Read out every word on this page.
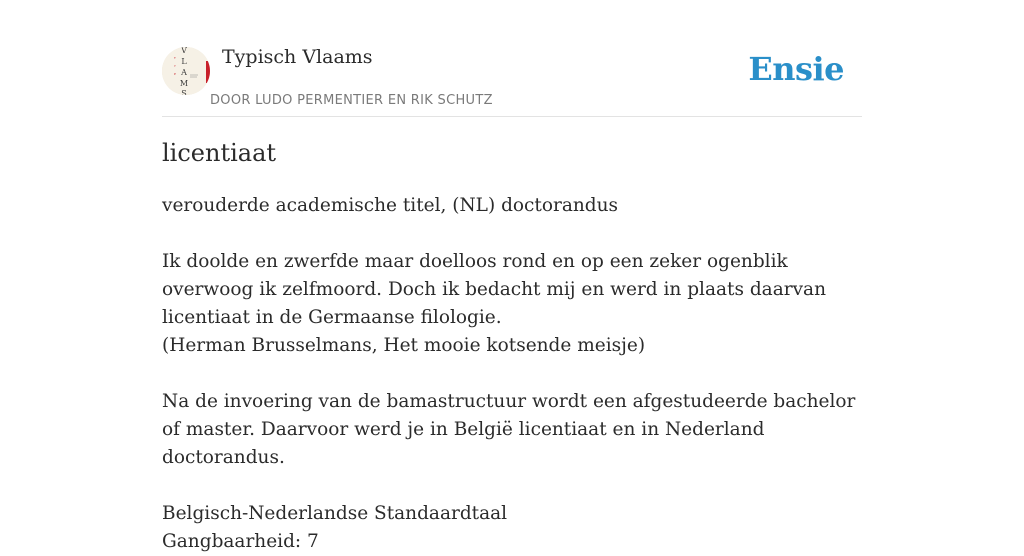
V
L
A
M
S
T
Y
P
Typisch Vlaams
DOOR LUDO PERMENTIER EN RIK SCHUTZ
Ensie
licentiaat

verouderde academische titel, (NL) doctorandus

Ik doolde en zwerfde maar doelloos rond en op een zeker ogenblik overwoog ik zelfmoord. Doch ik bedacht mij en werd in plaats daarvan licentiaat in de Germaanse filologie.

(Herman Brusselmans, Het mooie kotsende meisje)

Na de invoering van de bamastructuur wordt een afgestudeerde bachelor of master. Daarvoor werd je in België licentiaat en in Nederland doctorandus.

Belgisch-Nederlandse Standaardtaal

Gangbaarheid: 7
